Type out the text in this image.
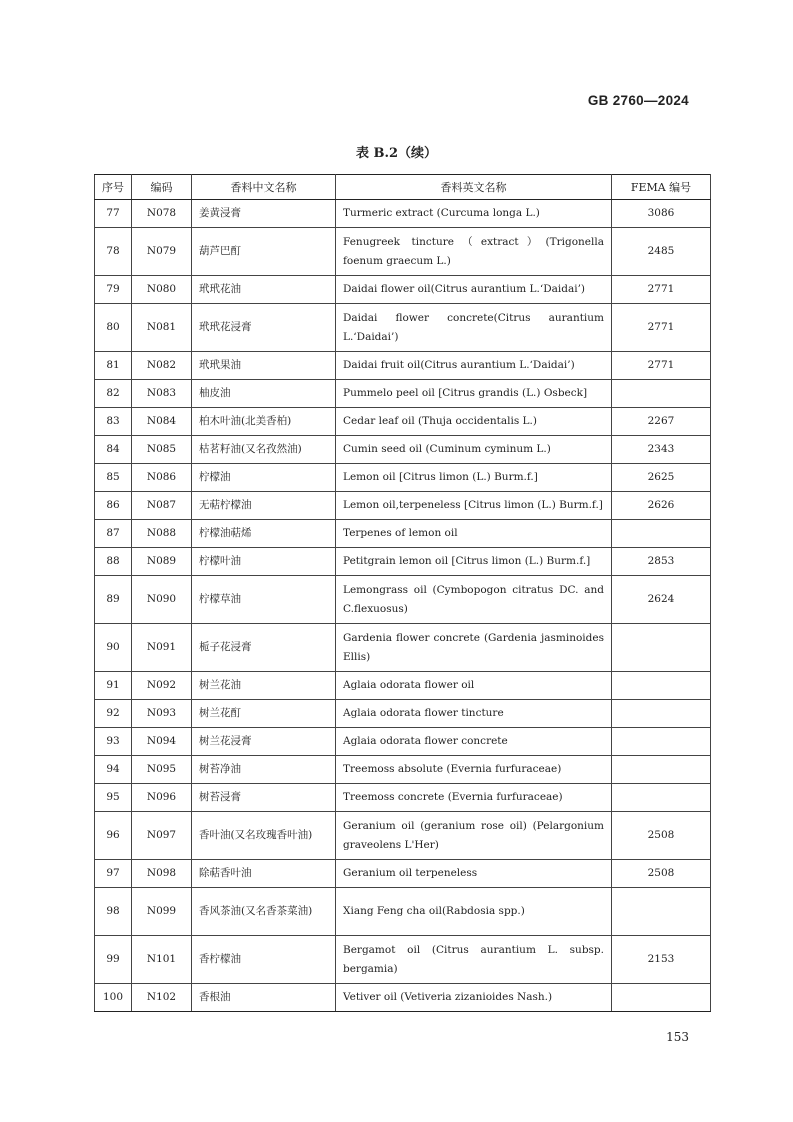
GB 2760—2024
表 B.2（续）
序号	编码	香料中文名称	香料英文名称	FEMA 编号
77	N078	姜黄浸膏	Turmeric extract (Curcuma longa L.)	3086
78	N079	葫芦巴酊	Fenugreek tincture（extract）(Trigonella foenum graecum L.)	2485
79	N080	玳玳花油	Daidai flower oil(Citrus aurantium L.‘Daidai’)	2771
80	N081	玳玳花浸膏	Daidai flower concrete(Citrus aurantium L.‘Daidai’)	2771
81	N082	玳玳果油	Daidai fruit oil(Citrus aurantium L.‘Daidai’)	2771
82	N083	柚皮油	Pummelo peel oil [Citrus grandis (L.) Osbeck]	
83	N084	柏木叶油(北美香柏)	Cedar leaf oil (Thuja occidentalis L.)	2267
84	N085	枯茗籽油(又名孜然油)	Cumin seed oil (Cuminum cyminum L.)	2343
85	N086	柠檬油	Lemon oil [Citrus limon (L.) Burm.f.]	2625
86	N087	无萜柠檬油	Lemon oil,terpeneless [Citrus limon (L.) Burm.f.]	2626
87	N088	柠檬油萜烯	Terpenes of lemon oil	
88	N089	柠檬叶油	Petitgrain lemon oil [Citrus limon (L.) Burm.f.]	2853
89	N090	柠檬草油	Lemongrass oil (Cymbopogon citratus DC. and C.flexuosus)	2624
90	N091	栀子花浸膏	Gardenia flower concrete (Gardenia jasminoides Ellis)	
91	N092	树兰花油	Aglaia odorata flower oil	
92	N093	树兰花酊	Aglaia odorata flower tincture	
93	N094	树兰花浸膏	Aglaia odorata flower concrete	
94	N095	树苔净油	Treemoss absolute (Evernia furfuraceae)	
95	N096	树苔浸膏	Treemoss concrete (Evernia furfuraceae)	
96	N097	香叶油(又名玫瑰香叶油)	Geranium oil (geranium rose oil) (Pelargonium graveolens L'Her)	2508
97	N098	除萜香叶油	Geranium oil terpeneless	2508
98	N099	香风茶油(又名香茶菜油)	Xiang Feng cha oil(Rabdosia spp.)	
99	N101	香柠檬油	Bergamot oil (Citrus aurantium L. subsp. bergamia)	2153
100	N102	香根油	Vetiver oil (Vetiveria zizanioides Nash.)	
153
